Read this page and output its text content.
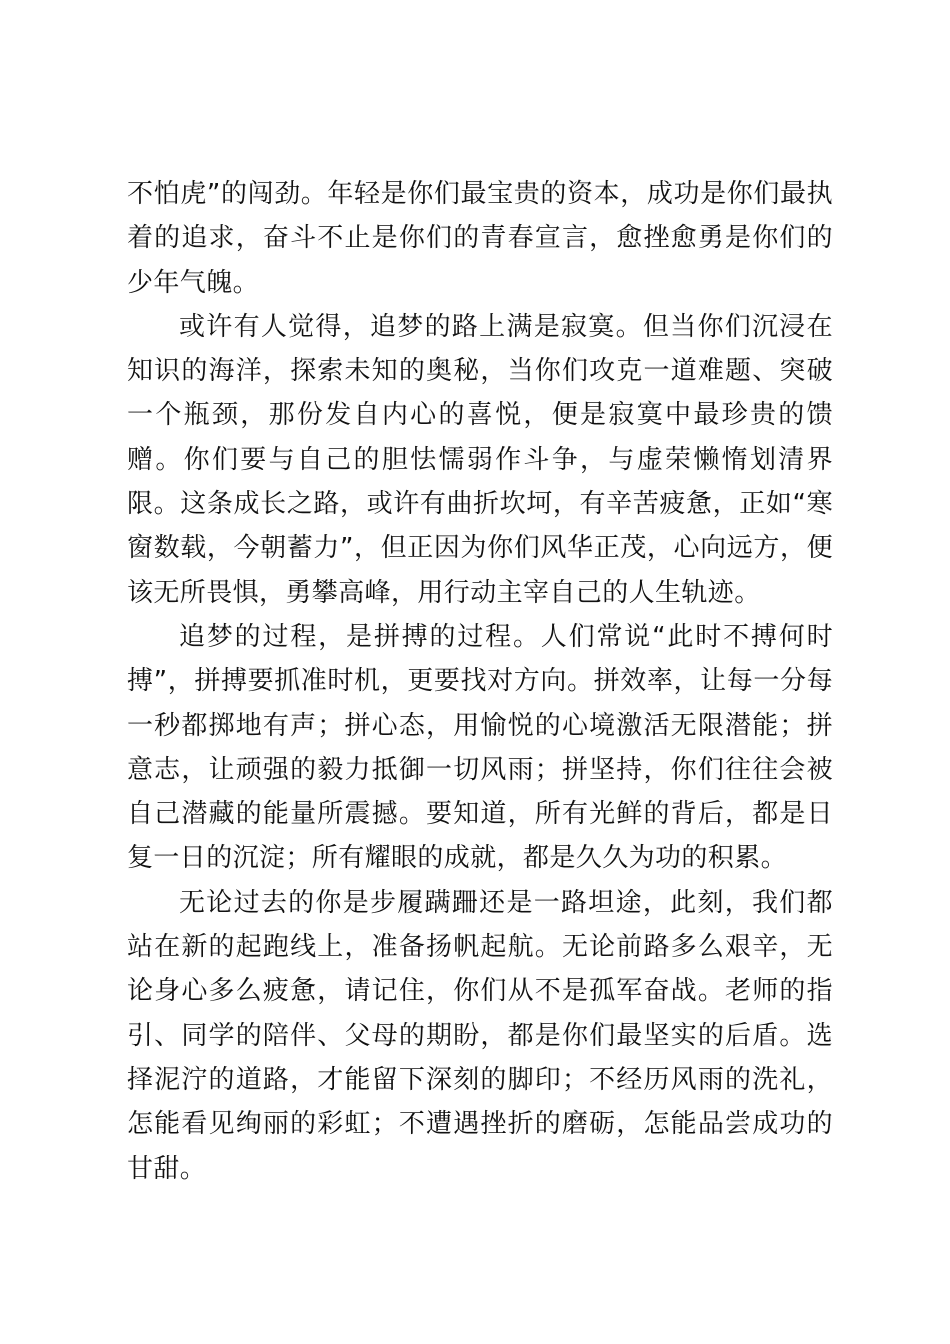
不怕虎”的闯劲。年轻是你们最宝贵的资本，成功是你们最执着的追求，奋斗不止是你们的青春宣言，愈挫愈勇是你们的少年气魄。

或许有人觉得，追梦的路上满是寂寞。但当你们沉浸在知识的海洋，探索未知的奥秘，当你们攻克一道难题、突破一个瓶颈，那份发自内心的喜悦，便是寂寞中最珍贵的馈赠。你们要与自己的胆怯懦弱作斗争，与虚荣懒惰划清界限。这条成长之路，或许有曲折坎坷，有辛苦疲惫，正如“寒窗数载，今朝蓄力”，但正因为你们风华正茂，心向远方，便该无所畏惧，勇攀高峰，用行动主宰自己的人生轨迹。

追梦的过程，是拼搏的过程。人们常说“此时不搏何时搏”，拼搏要抓准时机，更要找对方向。拼效率，让每一分每一秒都掷地有声；拼心态，用愉悦的心境激活无限潜能；拼意志，让顽强的毅力抵御一切风雨；拼坚持，你们往往会被自己潜藏的能量所震撼。要知道，所有光鲜的背后，都是日复一日的沉淀；所有耀眼的成就，都是久久为功的积累。

无论过去的你是步履蹒跚还是一路坦途，此刻，我们都站在新的起跑线上，准备扬帆起航。无论前路多么艰辛，无论身心多么疲惫，请记住，你们从不是孤军奋战。老师的指引、同学的陪伴、父母的期盼，都是你们最坚实的后盾。选择泥泞的道路，才能留下深刻的脚印；不经历风雨的洗礼，怎能看见绚丽的彩虹；不遭遇挫折的磨砺，怎能品尝成功的甘甜。
